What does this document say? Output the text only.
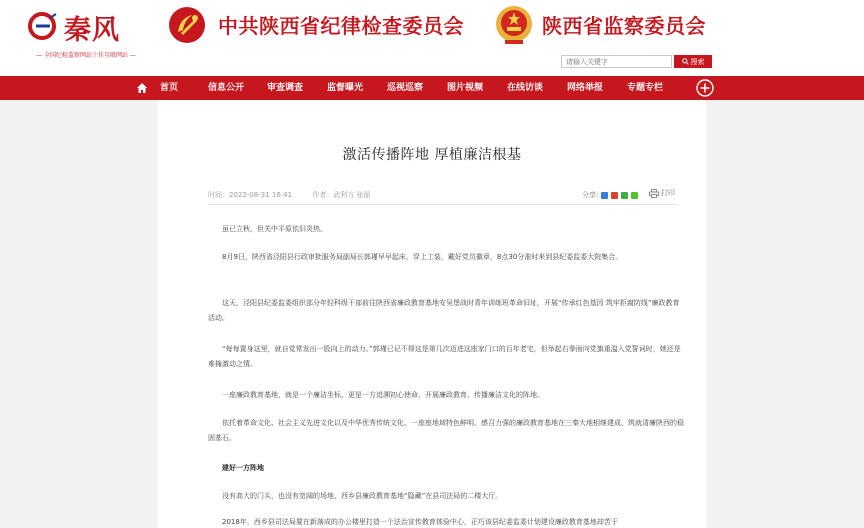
秦风
— 全国纪检监察网站十佳互联网站 —
中共陕西省纪律检查委员会	陕西省监察委员会
请输入关键字
搜索
首页	信息公开	审查调查	监督曝光	巡视巡察	图片视频	在线访谈	网络举报	专题专栏
激活传播阵地 厚植廉洁根基
时间：2022-08-31 16:41	作者：武利方 张丽	分享:	打印

虽已立秋，但关中平原依旧炎热。

8月9日，陕西省泾阳县行政审批服务局副局长郭瑾早早起床，穿上工装，戴好党员徽章，8点30分准时来到县纪委监委大院集合。

这天，泾阳县纪委监委组织部分年轻科级干部前往陕西省廉政教育基地安吴堡战时青年训练班革命旧址，开展“传承红色基因 筑牢拒腐防线”廉政教育活动。

“每每置身这里，就自觉常发出一股向上的动力。”郭瑾已记不得这是第几次迈进这座家门口的百年老宅，但举起右拳面向党旗重温入党誓词时，她还是难掩激动之情。

一座廉政教育基地，就是一个廉洁坐标，更是一方追溯初心使命、开展廉政教育、传播廉洁文化的阵地。

依托着革命文化、社会主义先进文化以及中华优秀传统文化，一座座地域特色鲜明、感召力强的廉政教育基地在三秦大地相继建成，筑就清廉陕西的稳固基石。

建好一方阵地

没有高大的门头，也没有宽阔的场地，西乡县廉政教育基地“隐藏”在县司法局的二楼大厅。

2018年，西乡县司法局要在新落成的办公楼里打造一个法治宣传教育体验中心，正巧该县纪委监委计划建设廉政教育基地却苦于
